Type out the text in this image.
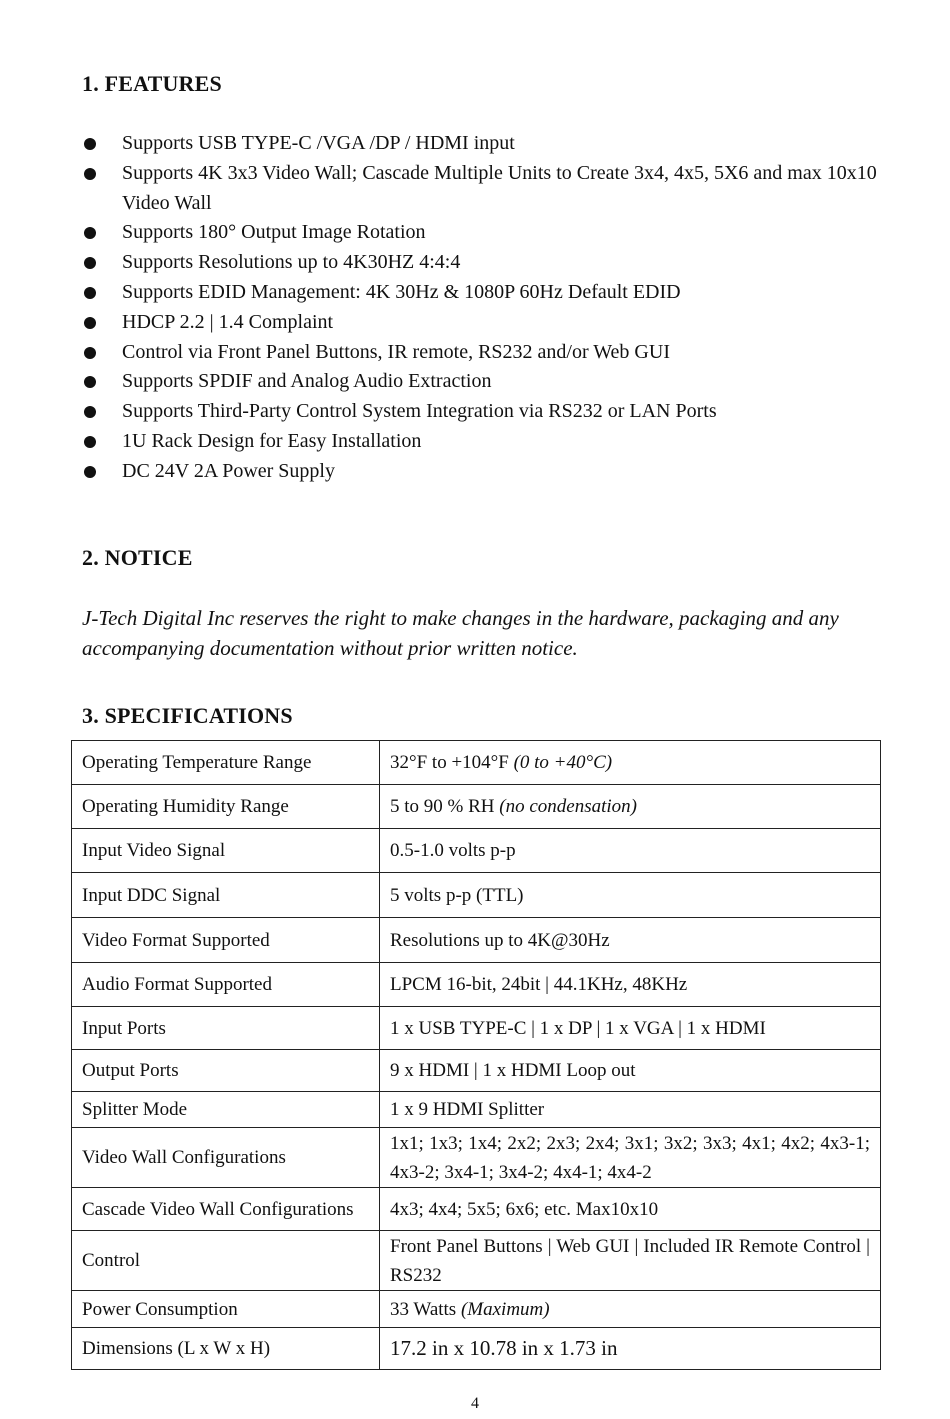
1. FEATURES
Supports USB TYPE-C /VGA /DP / HDMI input
Supports 4K 3x3 Video Wall; Cascade Multiple Units to Create 3x4, 4x5, 5X6 and max 10x10 Video Wall
Supports 180° Output Image Rotation
Supports Resolutions up to 4K30HZ 4:4:4
Supports EDID Management: 4K 30Hz & 1080P 60Hz Default EDID
HDCP 2.2 | 1.4 Complaint
Control via Front Panel Buttons, IR remote, RS232 and/or Web GUI
Supports SPDIF and Analog Audio Extraction
Supports Third-Party Control System Integration via RS232 or LAN Ports
1U Rack Design for Easy Installation
DC 24V 2A Power Supply
2. NOTICE

J-Tech Digital Inc reserves the right to make changes in the hardware, packaging and any accompanying documentation without prior written notice.

3. SPECIFICATIONS
Operating Temperature Range	32°F to +104°F (0 to +40°C)
Operating Humidity Range	5 to 90 % RH (no condensation)
Input Video Signal	0.5-1.0 volts p-p
Input DDC Signal	5 volts p-p (TTL)
Video Format Supported	Resolutions up to 4K@30Hz
Audio Format Supported	LPCM 16-bit, 24bit | 44.1KHz, 48KHz
Input Ports	1 x USB TYPE-C | 1 x DP | 1 x VGA | 1 x HDMI
Output Ports	9 x HDMI | 1 x HDMI Loop out
Splitter Mode	1 x 9 HDMI Splitter
Video Wall Configurations	1x1; 1x3; 1x4; 2x2; 2x3; 2x4; 3x1; 3x2; 3x3; 4x1; 4x2; 4x3-1; 4x3-2; 3x4-1; 3x4-2; 4x4-1; 4x4-2
Cascade Video Wall Configurations	4x3; 4x4; 5x5; 6x6; etc. Max10x10
Control	Front Panel Buttons | Web GUI | Included IR Remote Control | RS232
Power Consumption	33 Watts (Maximum)
Dimensions (L x W x H)	17.2 in x 10.78 in x 1.73 in
4
